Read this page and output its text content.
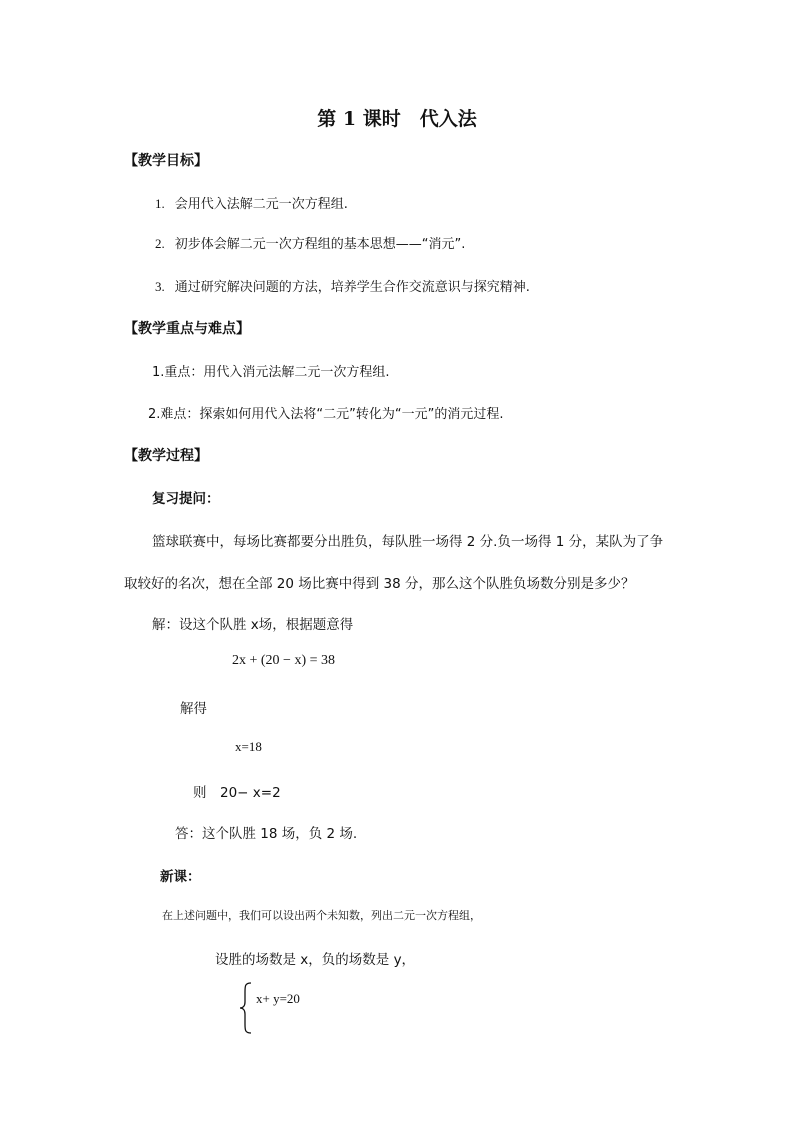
第 1 课时　代入法
【教学目标】
1. 会用代入法解二元一次方程组.
2. 初步体会解二元一次方程组的基本思想——“消元”.
3. 通过研究解决问题的方法，培养学生合作交流意识与探究精神.
【教学重点与难点】
1.重点：用代入消元法解二元一次方程组.
2.难点：探索如何用代入法将“二元”转化为“一元”的消元过程.
【教学过程】
复习提问：
篮球联赛中，每场比赛都要分出胜负，每队胜一场得 2 分.负一场得 1 分，某队为了争
取较好的名次，想在全部 20 场比赛中得到 38 分，那么这个队胜负场数分别是多少？
解：设这个队胜 x场，根据题意得
2x + (20 − x) = 38
解得
x=18
则　20− x=2
答：这个队胜 18 场，负 2 场.
新课：
在上述问题中，我们可以设出两个未知数，列出二元一次方程组，
设胜的场数是 x，负的场数是 y，
x+ y=20
